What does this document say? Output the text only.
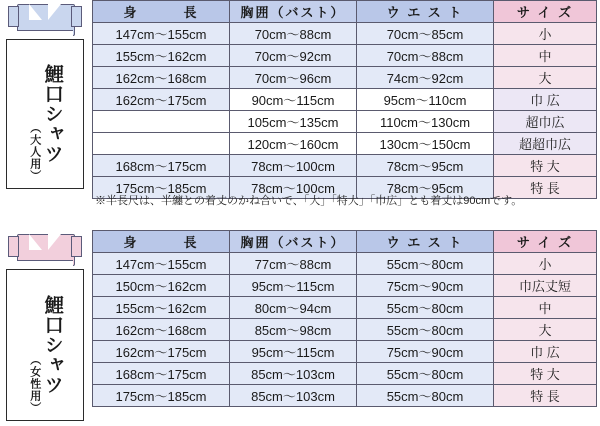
鯉口シャツ
（大人用）
身　　　長	胸囲（バスト）	ウ エ ス ト	サ イ ズ
147cm〜155cm	70cm〜88cm	70cm〜85cm	小
155cm〜162cm	70cm〜92cm	70cm〜88cm	中
162cm〜168cm	70cm〜96cm	74cm〜92cm	大
162cm〜175cm	90cm〜115cm	95cm〜110cm	巾 広
	105cm〜135cm	110cm〜130cm	超巾広
	120cm〜160cm	130cm〜150cm	超超巾広
168cm〜175cm	78cm〜100cm	78cm〜95cm	特 大
175cm〜185cm	78cm〜100cm	78cm〜95cm	特 長
※半長尺は、半纏との着丈のかね合いで、「大」「特大」「巾広」とも着丈は90cmです。
鯉口シャツ
（女性用）
身　　　長	胸囲（バスト）	ウ エ ス ト	サ イ ズ
147cm〜155cm	77cm〜88cm	55cm〜80cm	小
150cm〜162cm	95cm〜115cm	75cm〜90cm	巾広丈短
155cm〜162cm	80cm〜94cm	55cm〜80cm	中
162cm〜168cm	85cm〜98cm	55cm〜80cm	大
162cm〜175cm	95cm〜115cm	75cm〜90cm	巾 広
168cm〜175cm	85cm〜103cm	55cm〜80cm	特 大
175cm〜185cm	85cm〜103cm	55cm〜80cm	特 長
